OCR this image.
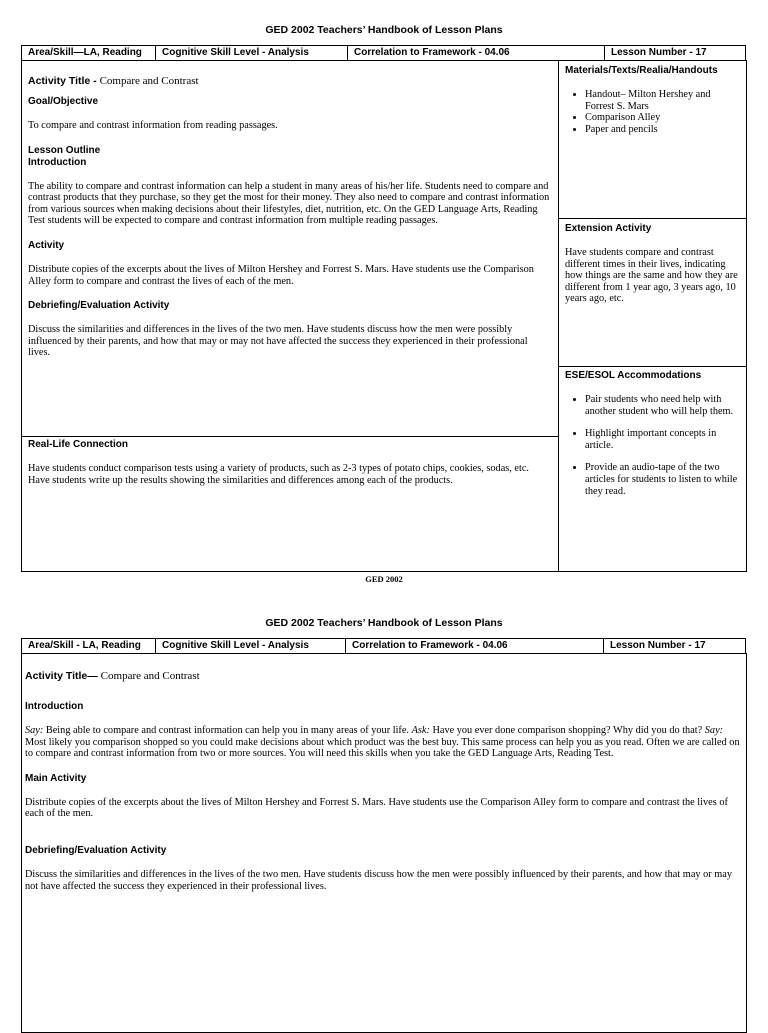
GED 2002 Teachers’ Handbook of Lesson Plans
Area/Skill—LA, Reading	Cognitive Skill Level - Analysis	Correlation to Framework - 04.06	Lesson Number - 17
Activity Title - Compare and Contrast

Goal/Objective

To compare and contrast information from reading passages.

Lesson Outline

Introduction

The ability to compare and contrast information can help a student in many areas of his/her life. Students need to compare and contrast products that they purchase, so they get the most for their money. They also need to compare and contrast information from various sources when making decisions about their lifestyles, diet, nutrition, etc. On the GED Language Arts, Reading Test students will be expected to compare and contrast information from multiple reading passages.

Activity

Distribute copies of the excerpts about the lives of Milton Hershey and Forrest S. Mars. Have students use the Comparison Alley form to compare and contrast the lives of each of the men.

Debriefing/Evaluation Activity

Discuss the similarities and differences in the lives of the two men. Have students discuss how the men were possibly influenced by their parents, and how that may or may not have affected the success they experienced in their professional lives.

Real-Life Connection

Have students conduct comparison tests using a variety of products, such as 2-3 types of potato chips, cookies, sodas, etc. Have students write up the results showing the similarities and differences among each of the products.

Materials/Texts/Realia/Handouts

• Handout– Milton Hershey and Forrest S. Mars
• Comparison Alley
• Paper and pencils

Extension Activity

Have students compare and contrast different times in their lives, indicating how things are the same and how they are different from 1 year ago, 3 years ago, 10 years ago, etc.

ESE/ESOL Accommodations

• Pair students who need help with another student who will help them.
• Highlight important concepts in article.
• Provide an audio-tape of the two articles for students to listen to while they read.
GED 2002
GED 2002 Teachers’ Handbook of Lesson Plans
Area/Skill - LA, Reading	Cognitive Skill Level - Analysis	Correlation to Framework - 04.06	Lesson Number - 17
Activity Title— Compare and Contrast

Introduction

Say: Being able to compare and contrast information can help you in many areas of your life. Ask: Have you ever done comparison shopping? Why did you do that? Say: Most likely you comparison shopped so you could make decisions about which product was the best buy. This same process can help you as you read. Often we are called on to compare and contrast information from two or more sources. You will need this skills when you take the GED Language Arts, Reading Test.

Main Activity

Distribute copies of the excerpts about the lives of Milton Hershey and Forrest S. Mars. Have students use the Comparison Alley form to compare and contrast the lives of each of the men.

Debriefing/Evaluation Activity

Discuss the similarities and differences in the lives of the two men. Have students discuss how the men were possibly influenced by their parents, and how that may or may not have affected the success they experienced in their professional lives.
